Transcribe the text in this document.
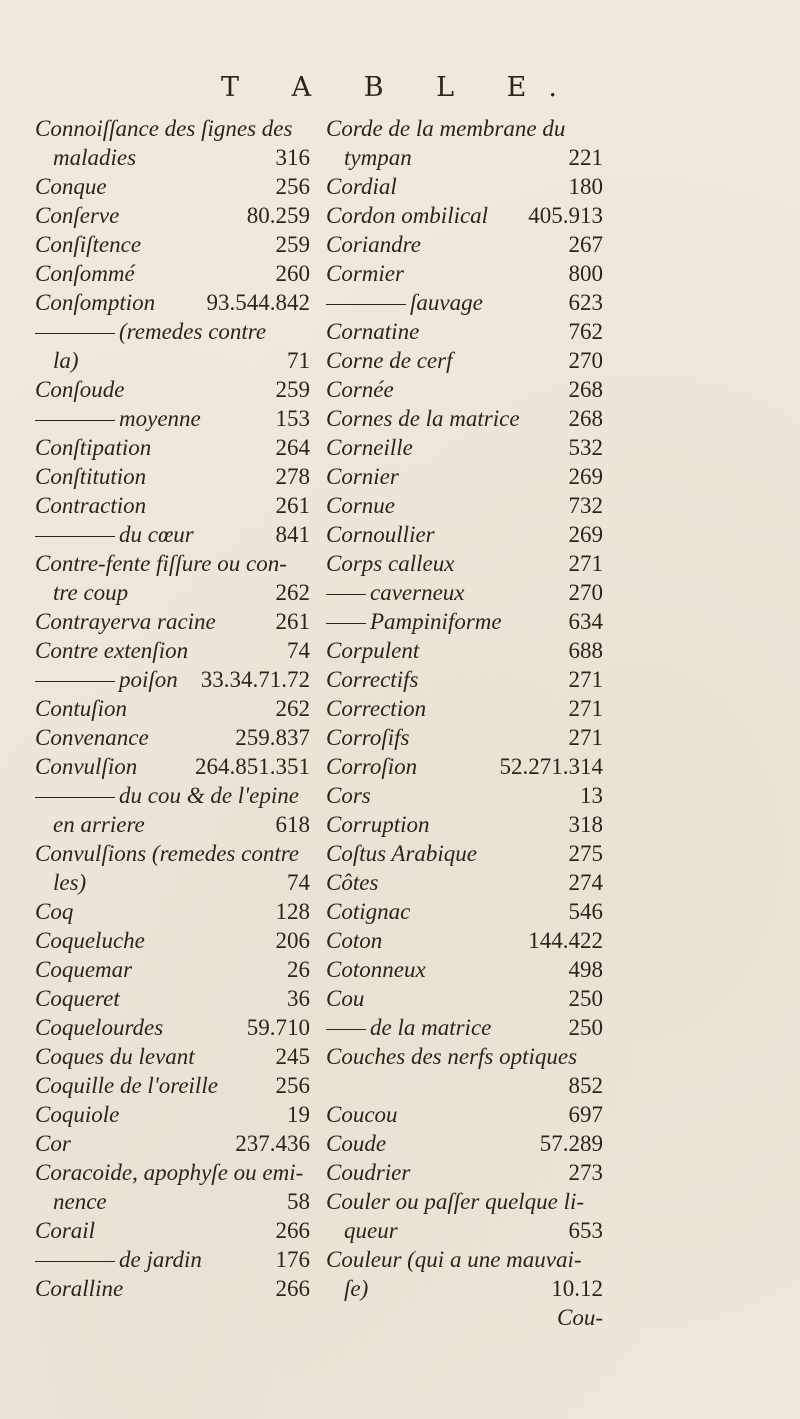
T A B L E.
Connoiſſance des ſignes des
maladies	316
Conque	256
Conſerve	80.259
Conſiſtence	259
Conſommé	260
Conſomption 93.544.842
(remedes contre
la)	71
Conſoude	259
moyenne	153
Conſtipation	264
Conſtitution	278
Contraction	261
du cœur	841
Contre-fente fiſſure ou con-
tre coup	262
Contrayerva racine	261
Contre extenſion	74
poiſon 33.34.71.72
Contuſion	262
Convenance	259.837
Convulſion	264.851.351
du cou & de l'epine
en arriere	618
Convulſions (remedes contre
les)	74
Coq	128
Coqueluche	206
Coquemar	26
Coqueret	36
Coquelourdes	59.710
Coques du levant	245
Coquille de l'oreille	256
Coquiole	19
Cor	237.436
Coracoide, apophyſe ou emi-
nence	58
Corail	266
de jardin	176
Coralline	266
Corde de la membrane du
tympan	221
Cordial	180
Cordon ombilical 405.913
Coriandre	267
Cormier	800
ſauvage	623
Cornatine	762
Corne de cerf	270
Cornée	268
Cornes de la matrice 268
Corneille	532
Cornier	269
Cornue	732
Cornoullier	269
Corps calleux	271
caverneux	270
Pampiniforme	634
Corpulent	688
Correctifs	271
Correction	271
Corroſifs	271
Corroſion	52.271.314
Cors	13
Corruption	318
Coſtus Arabique	275
Côtes	274
Cotignac	546
Coton	144.422
Cotonneux	498
Cou	250
de la matrice	250
Couches des nerfs optiques
852
Coucou	697
Coude	57.289
Coudrier	273
Couler ou paſſer quelque li-
queur	653
Couleur (qui a une mauvai-
ſe)	10.12
Cou-
